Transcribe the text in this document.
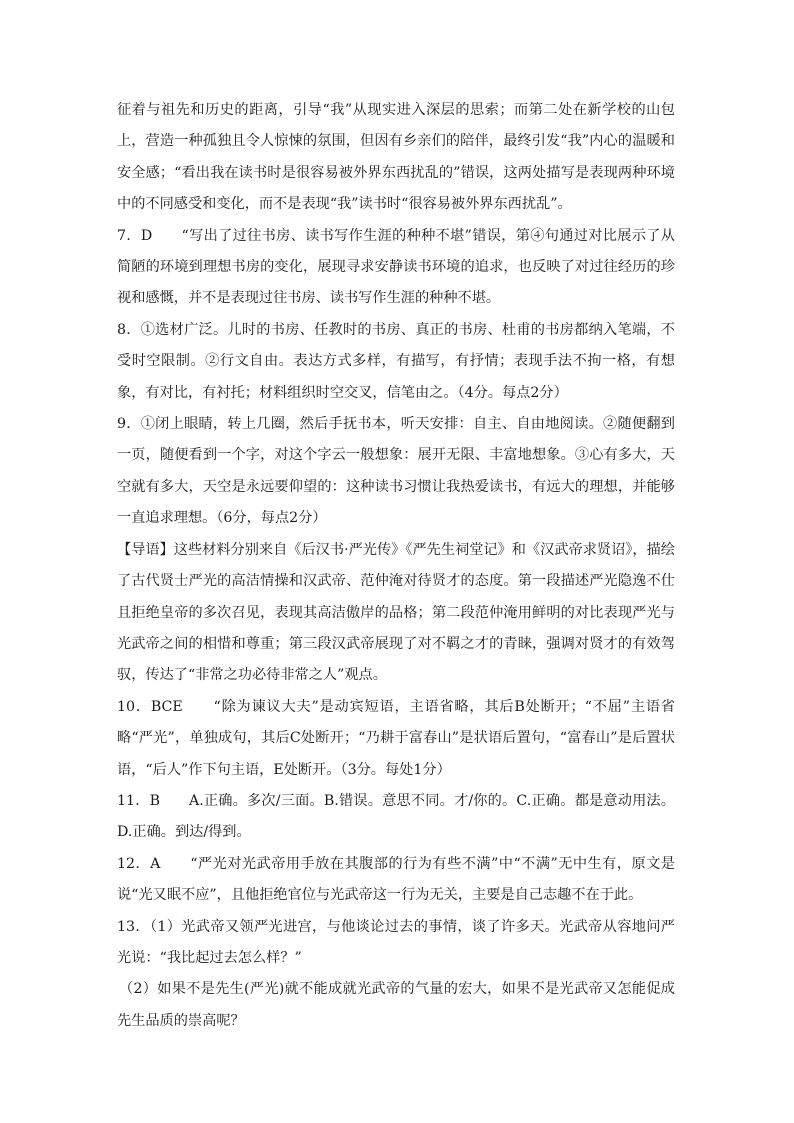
征着与祖先和历史的距离，引导“我”从现实进入深层的思索；而第二处在新学校的山包上，营造一种孤独且令人惊悚的氛围，但因有乡亲们的陪伴，最终引发“我”内心的温暖和安全感；“看出我在读书时是很容易被外界东西扰乱的”错误，这两处描写是表现两种环境中的不同感受和变化，而不是表现“我”读书时“很容易被外界东西扰乱”。

7．D　　“写出了过往书房、读书写作生涯的种种不堪”错误，第④句通过对比展示了从简陋的环境到理想书房的变化，展现寻求安静读书环境的追求，也反映了对过往经历的珍视和感慨，并不是表现过往书房、读书写作生涯的种种不堪。

8．①选材广泛。儿时的书房、任教时的书房、真正的书房、杜甫的书房都纳入笔端，不受时空限制。②行文自由。表达方式多样，有描写，有抒情；表现手法不拘一格，有想象，有对比，有衬托；材料组织时空交叉，信笔由之。（4分。每点2分）

9．①闭上眼睛，转上几圈，然后手抚书本，听天安排：自主、自由地阅读。②随便翻到一页，随便看到一个字，对这个字云一般想象：展开无限、丰富地想象。③心有多大，天空就有多大，天空是永远要仰望的：这种读书习惯让我热爱读书，有远大的理想，并能够一直追求理想。（6分，每点2分）

【导语】这些材料分别来自《后汉书·严光传》《严先生祠堂记》和《汉武帝求贤诏》，描绘了古代贤士严光的高洁情操和汉武帝、范仲淹对待贤才的态度。第一段描述严光隐逸不仕且拒绝皇帝的多次召见，表现其高洁傲岸的品格；第二段范仲淹用鲜明的对比表现严光与光武帝之间的相惜和尊重；第三段汉武帝展现了对不羁之才的青睐，强调对贤才的有效驾驭，传达了“非常之功必待非常之人”观点。

10．BCE　　“除为谏议大夫”是动宾短语，主语省略，其后B处断开；“不屈”主语省略“严光”，单独成句，其后C处断开；“乃耕于富春山”是状语后置句，“富春山”是后置状语，“后人”作下句主语，E处断开。（3分。每处1分）

11．B　　A.正确。多次/三面。B.错误。意思不同。才/你的。C.正确。都是意动用法。D.正确。到达/得到。

12．A　　“严光对光武帝用手放在其腹部的行为有些不满”中“不满”无中生有，原文是说“光又眠不应”，且他拒绝官位与光武帝这一行为无关，主要是自己志趣不在于此。

13．（1）光武帝又领严光进宫，与他谈论过去的事情，谈了许多天。光武帝从容地问严光说：“我比起过去怎么样？”

（2）如果不是先生(严光)就不能成就光武帝的气量的宏大，如果不是光武帝又怎能促成先生品质的崇高呢？
